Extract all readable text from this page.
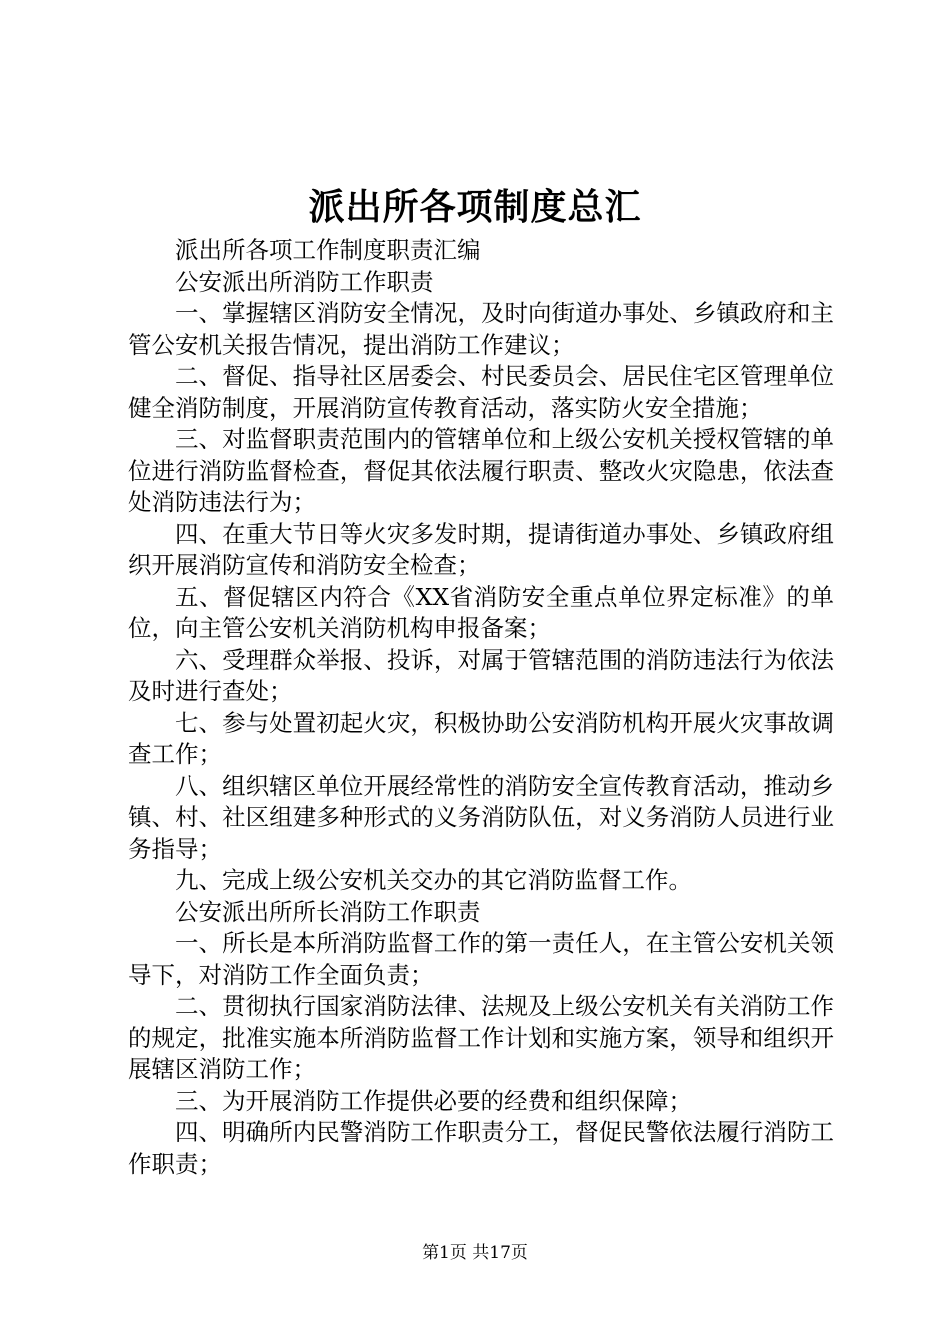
派出所各项制度总汇

派出所各项工作制度职责汇编

公安派出所消防工作职责

一、掌握辖区消防安全情况，及时向街道办事处、乡镇政府和主管公安机关报告情况，提出消防工作建议；

二、督促、指导社区居委会、村民委员会、居民住宅区管理单位健全消防制度，开展消防宣传教育活动，落实防火安全措施；

三、对监督职责范围内的管辖单位和上级公安机关授权管辖的单位进行消防监督检查，督促其依法履行职责、整改火灾隐患，依法查处消防违法行为；

四、在重大节日等火灾多发时期，提请街道办事处、乡镇政府组织开展消防宣传和消防安全检查；

五、督促辖区内符合《XX省消防安全重点单位界定标准》的单位，向主管公安机关消防机构申报备案；

六、受理群众举报、投诉，对属于管辖范围的消防违法行为依法及时进行查处；

七、参与处置初起火灾，积极协助公安消防机构开展火灾事故调查工作；

八、组织辖区单位开展经常性的消防安全宣传教育活动，推动乡镇、村、社区组建多种形式的义务消防队伍，对义务消防人员进行业务指导；

九、完成上级公安机关交办的其它消防监督工作。

公安派出所所长消防工作职责

一、所长是本所消防监督工作的第一责任人，在主管公安机关领导下，对消防工作全面负责；

二、贯彻执行国家消防法律、法规及上级公安机关有关消防工作的规定，批准实施本所消防监督工作计划和实施方案，领导和组织开展辖区消防工作；

三、为开展消防工作提供必要的经费和组织保障；

四、明确所内民警消防工作职责分工，督促民警依法履行消防工作职责；

第1页 共17页
